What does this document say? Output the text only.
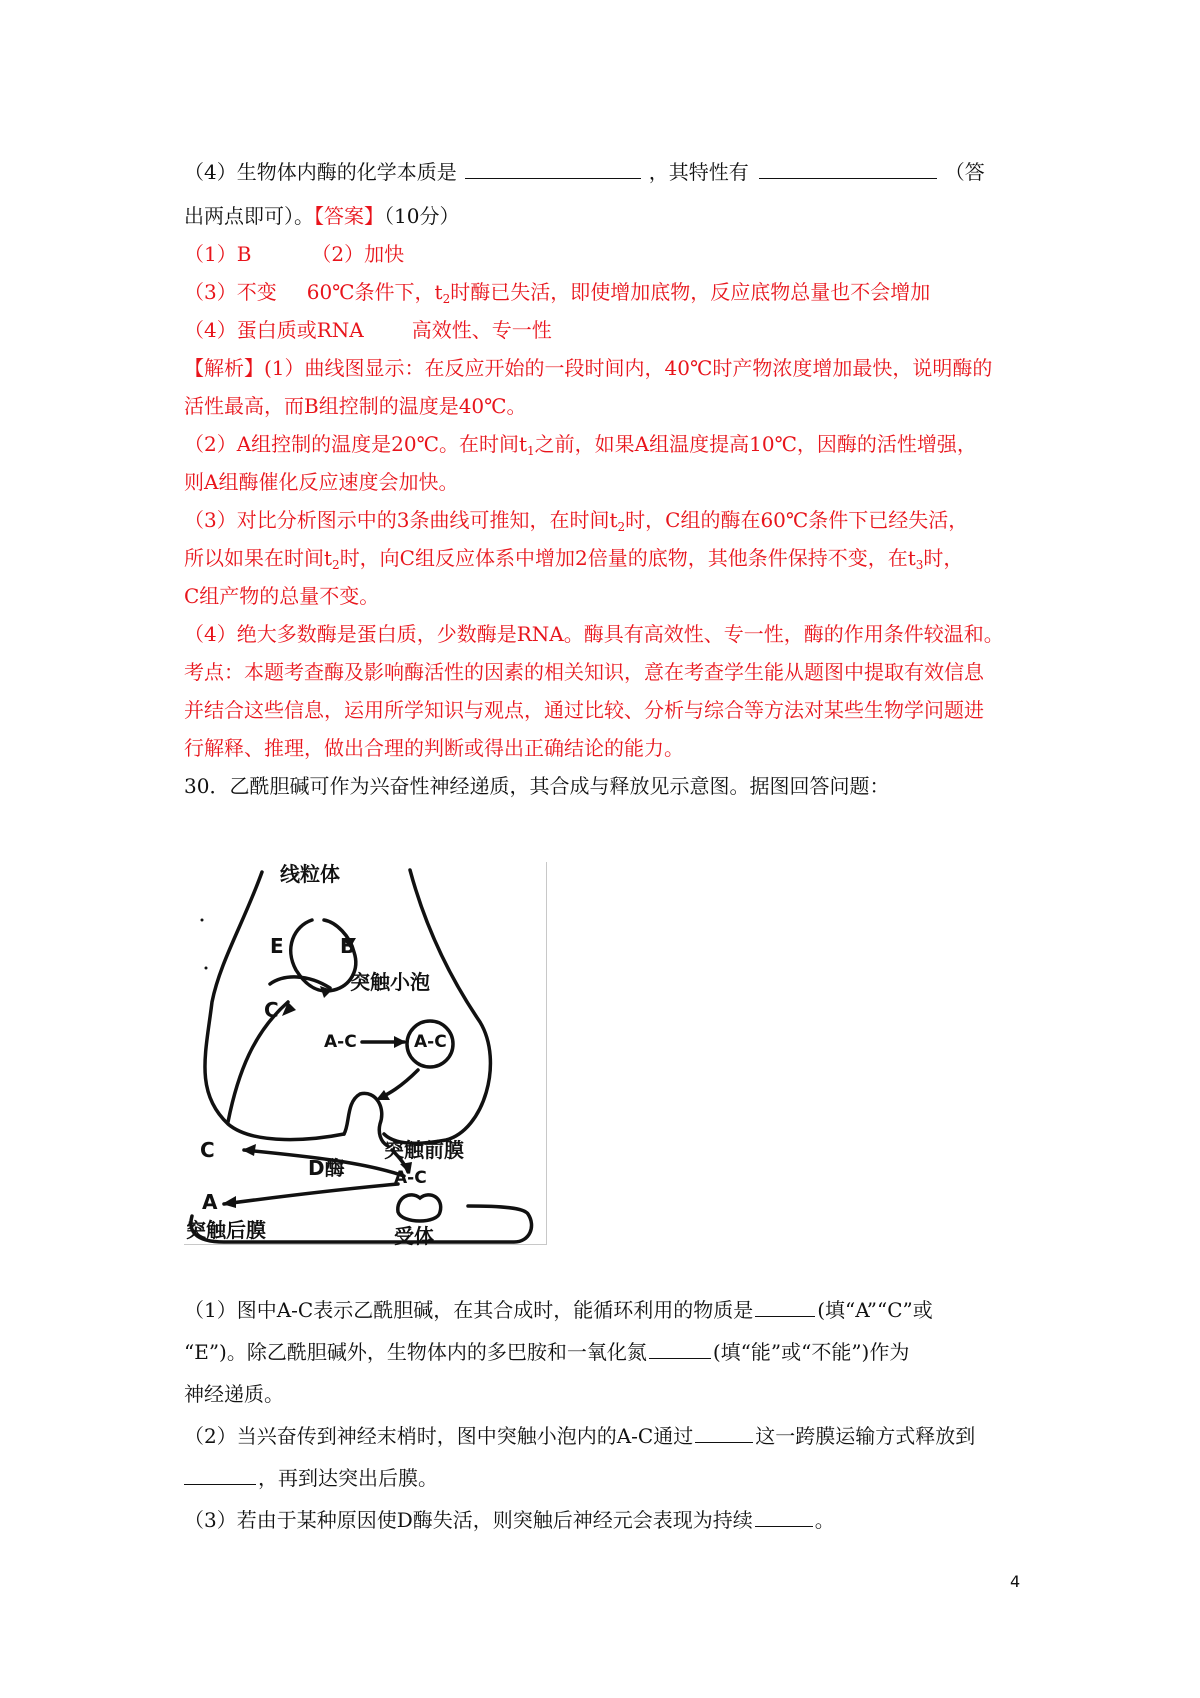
（4）生物体内酶的化学本质是	，其特性有	（答
出两点即可）。【答案】（10分）
（1）B	（2）加快
（3）不变 60℃条件下，$t_2$时酶已失活，即使增加底物，反应底物总量也不会增加
（4）蛋白质或RNA 高效性、专一性
【解析】(1）曲线图显示：在反应开始的一段时间内，40℃时产物浓度增加最快，说明酶的
活性最高，而B组控制的温度是40℃。
（2）A组控制的温度是20℃。在时间$t_1$之前，如果A组温度提高10℃，因酶的活性增强，
则A组酶催化反应速度会加快。
（3）对比分析图示中的3条曲线可推知，在时间$t_2$时，C组的酶在60℃条件下已经失活，
所以如果在时间$t_2$时，向C组反应体系中增加2倍量的底物，其他条件保持不变，在$t_3$时，
C组产物的总量不变。
（4）绝大多数酶是蛋白质，少数酶是RNA。酶具有高效性、专一性，酶的作用条件较温和。
考点：本题考查酶及影响酶活性的因素的相关知识，意在考查学生能从题图中提取有效信息
并结合这些信息，运用所学知识与观点，通过比较、分析与综合等方法对某些生物学问题进
行解释、推理，做出合理的判断或得出正确结论的能力。
30．乙酰胆碱可作为兴奋性神经递质，其合成与释放见示意图。据图回答问题：
线粒体
E	B
突触小泡
C
A-C	A-C
突触前膜
C
D酶	A-C
A
突触后膜	受体
（1）图中A-C表示乙酰胆碱，在其合成时，能循环利用的物质是	(填“A”“C”或
“E”)。除乙酰胆碱外，生物体内的多巴胺和一氧化氮	(填“能”或“不能”)作为
神经递质。
（2）当兴奋传到神经末梢时，图中突触小泡内的A-C通过	这一跨膜运输方式释放到
，再到达突出后膜。
（3）若由于某种原因使D酶失活，则突触后神经元会表现为持续	。
4
